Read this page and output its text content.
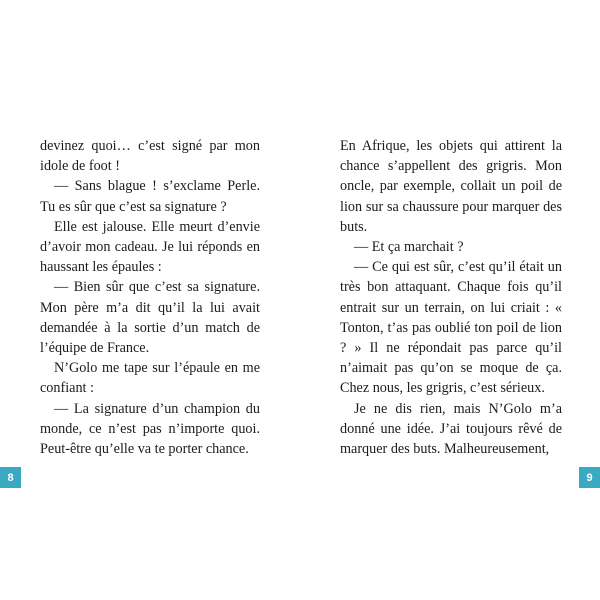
devinez quoi… c’est signé par mon idole de foot !

— Sans blague ! s’exclame Perle. Tu es sûr que c’est sa signature ?

Elle est jalouse. Elle meurt d’envie d’avoir mon cadeau. Je lui réponds en haussant les épaules :

— Bien sûr que c’est sa signature. Mon père m’a dit qu’il la lui avait demandée à la sortie d’un match de l’équipe de France.

N’Golo me tape sur l’épaule en me confiant :

— La signature d’un champion du monde, ce n’est pas n’importe quoi. Peut-être qu’elle va te porter chance.

En Afrique, les objets qui attirent la chance s’appellent des grigris. Mon oncle, par exemple, collait un poil de lion sur sa chaussure pour marquer des buts.

— Et ça marchait ?

— Ce qui est sûr, c’est qu’il était un très bon attaquant. Chaque fois qu’il entrait sur un terrain, on lui criait : « Tonton, t’as pas oublié ton poil de lion ? » Il ne répondait pas parce qu’il n’aimait pas qu’on se moque de ça. Chez nous, les grigris, c’est sérieux.

Je ne dis rien, mais N’Golo m’a donné une idée. J’ai toujours rêvé de marquer des buts. Malheureusement,

8	9
